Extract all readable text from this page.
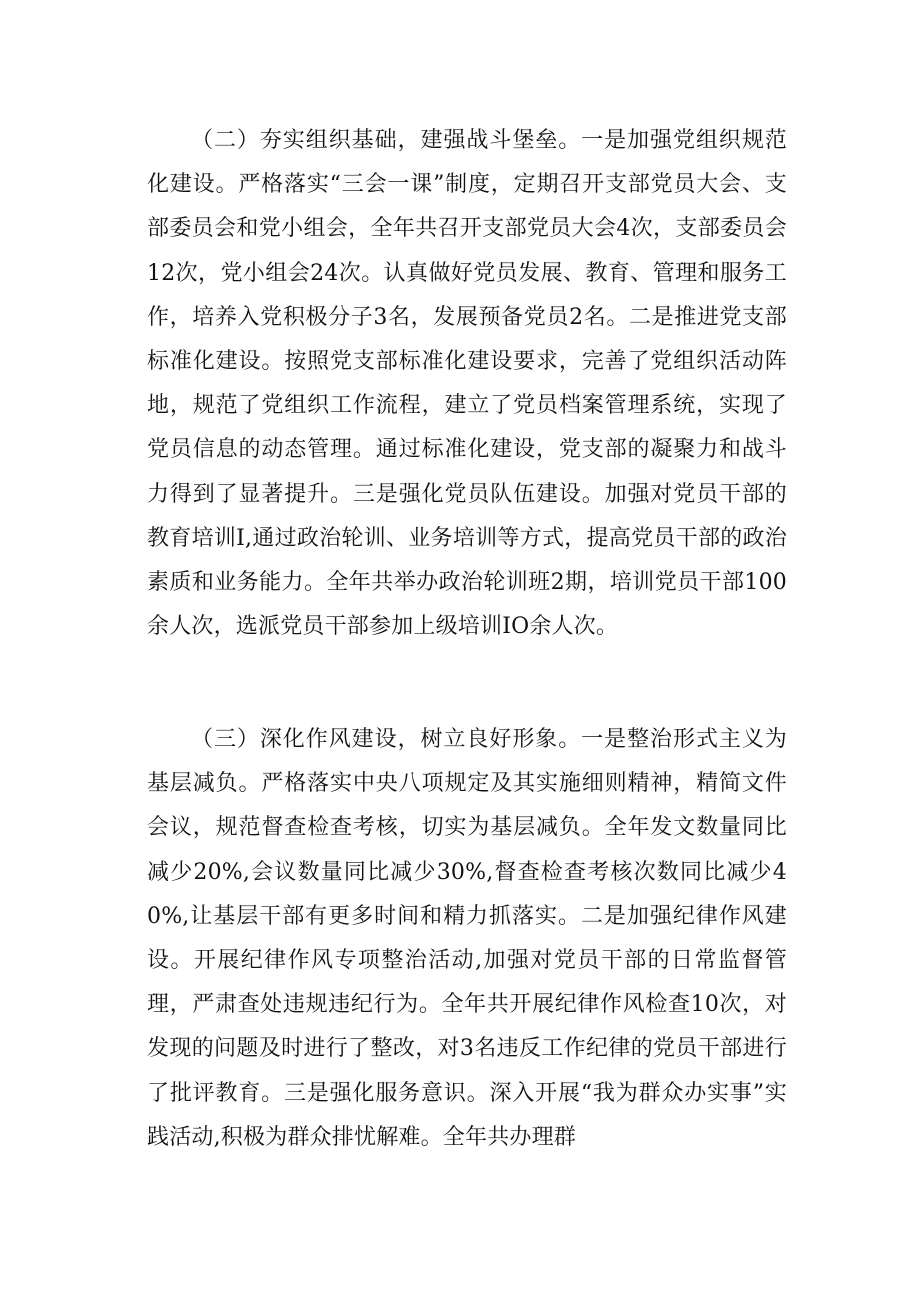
（二）夯实组织基础，建强战斗堡垒。一是加强党组织规范化建设。严格落实“三会一课”制度，定期召开支部党员大会、支部委员会和党小组会，全年共召开支部党员大会4次，支部委员会12次，党小组会24次。认真做好党员发展、教育、管理和服务工作，培养入党积极分子3名，发展预备党员2名。二是推进党支部标准化建设。按照党支部标准化建设要求，完善了党组织活动阵地，规范了党组织工作流程，建立了党员档案管理系统，实现了党员信息的动态管理。通过标准化建设，党支部的凝聚力和战斗力得到了显著提升。三是强化党员队伍建设。加强对党员干部的教育培训I,通过政治轮训、业务培训等方式，提高党员干部的政治素质和业务能力。全年共举办政治轮训班2期，培训党员干部100余人次，选派党员干部参加上级培训IO余人次。

（三）深化作风建设，树立良好形象。一是整治形式主义为基层减负。严格落实中央八项规定及其实施细则精神，精简文件会议，规范督查检查考核，切实为基层减负。全年发文数量同比减少20%,会议数量同比减少30%,督查检查考核次数同比减少40%,让基层干部有更多时间和精力抓落实。二是加强纪律作风建设。开展纪律作风专项整治活动,加强对党员干部的日常监督管理，严肃查处违规违纪行为。全年共开展纪律作风检查10次，对发现的问题及时进行了整改，对3名违反工作纪律的党员干部进行了批评教育。三是强化服务意识。深入开展“我为群众办实事”实践活动,积极为群众排忧解难。全年共办理群
